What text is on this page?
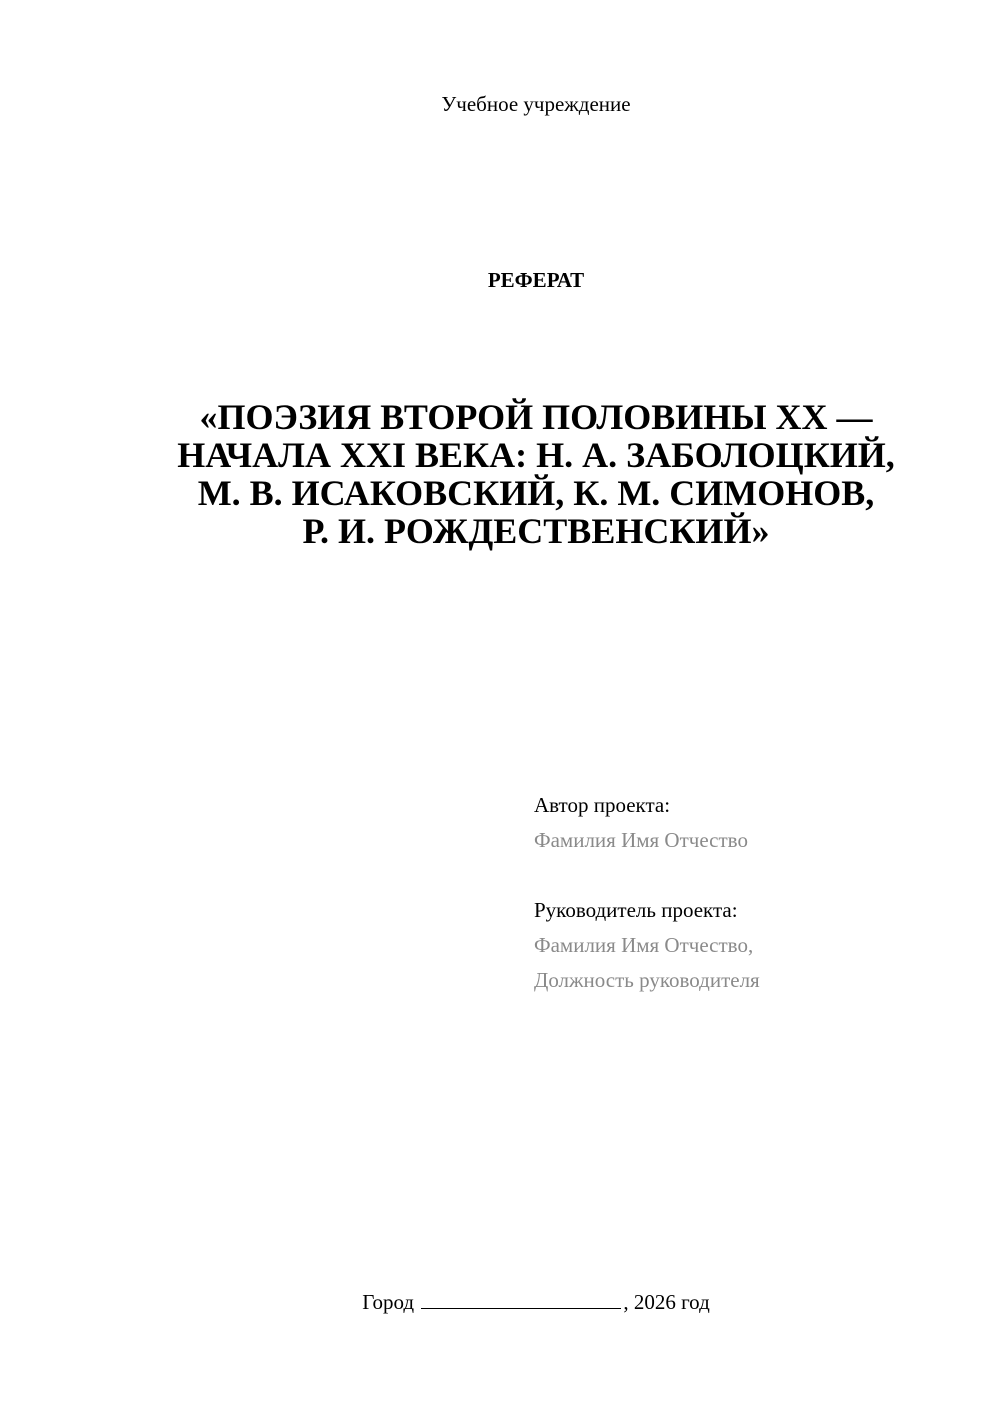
Учебное учреждение
РЕФЕРАТ
«ПОЭЗИЯ ВТОРОЙ ПОЛОВИНЫ XX —
НАЧАЛА XXI ВЕКА: Н. А. ЗАБОЛОЦКИЙ,
М. В. ИСАКОВСКИЙ, К. М. СИМОНОВ,
Р. И. РОЖДЕСТВЕНСКИЙ»
Автор проекта:
Фамилия Имя Отчество
Руководитель проекта:
Фамилия Имя Отчество,
Должность руководителя
Город	, 2026 год
